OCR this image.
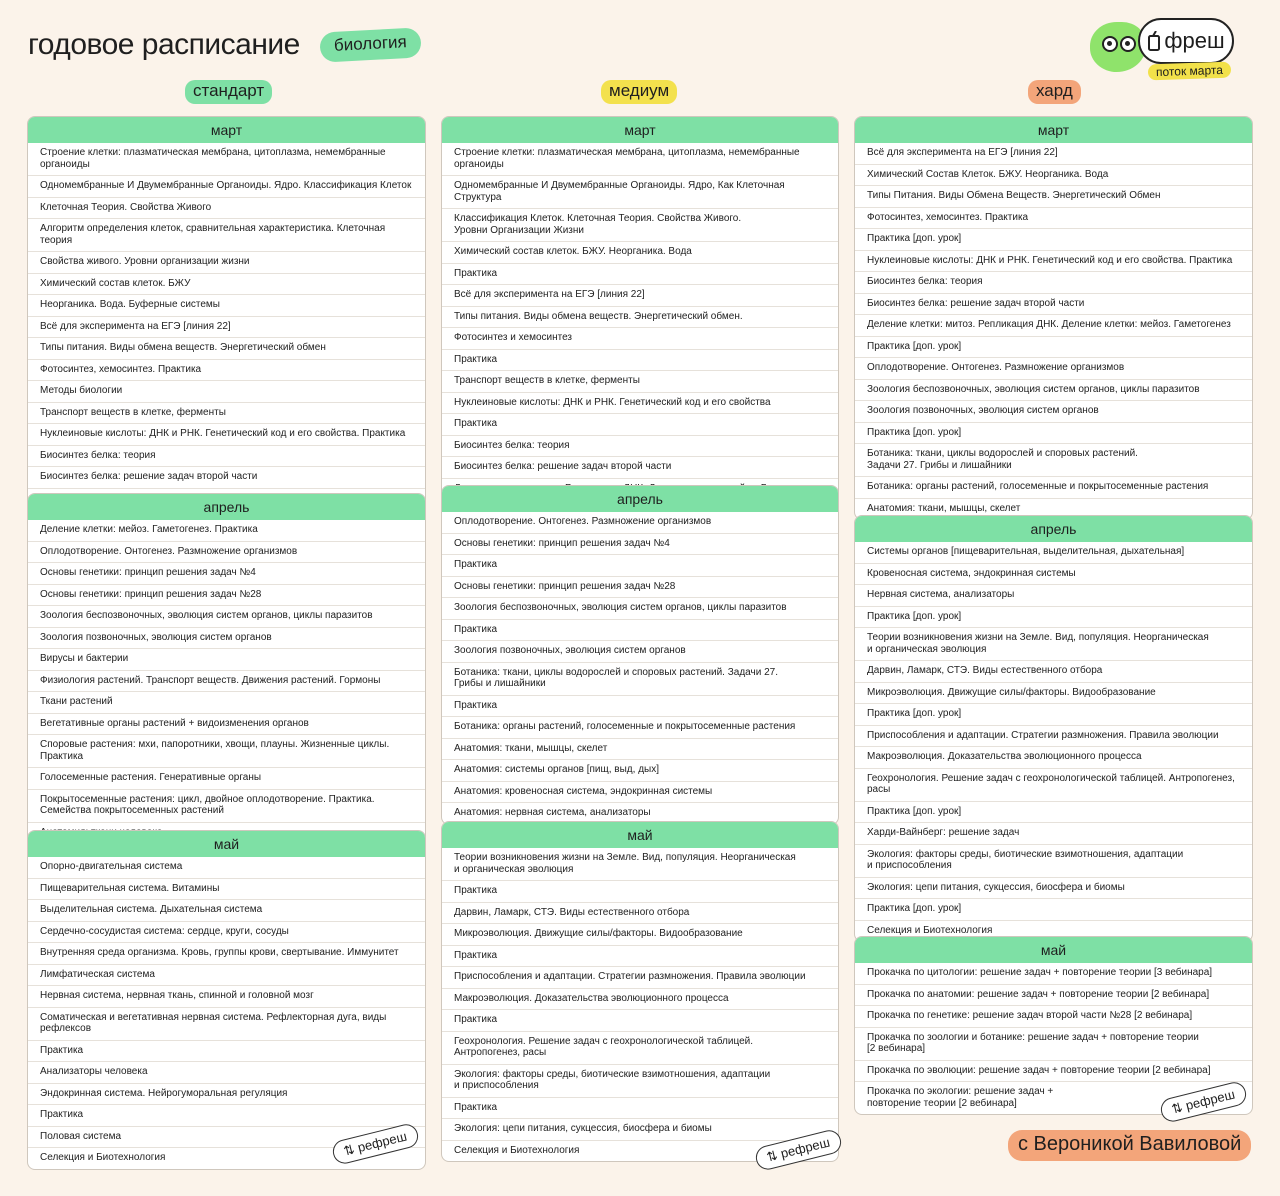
годовое расписание	биология	фреш
поток марта
стандарт	медиум	хард
март
Строение клетки: плазматическая мембрана, цитоплазма, немембранные
органоиды
Одномембранные И Двумембранные Органоиды. Ядро. Классификация Клеток
Клеточная Теория. Свойства Живого
Алгоритм определения клеток, сравнительная характеристика. Клеточная теория
Свойства живого. Уровни организации жизни
Химический состав клеток. БЖУ
Неорганика. Вода. Буферные системы
Всё для эксперимента на ЕГЭ [линия 22]
Типы питания. Виды обмена веществ. Энергетический обмен
Фотосинтез, хемосинтез. Практика
Методы биологии
Транспорт веществ в клетке, ферменты
Нуклеиновые кислоты: ДНК и РНК. Генетический код и его свойства. Практика
Биосинтез белка: теория
Биосинтез белка: решение задач второй части
апрель
Деление клетки: мейоз. Гаметогенез. Практика
Оплодотворение. Онтогенез. Размножение организмов
Основы генетики: принцип решения задач №4
Основы генетики: принцип решения задач №28
Зоология беспозвоночных, эволюция систем органов, циклы паразитов
Зоология позвоночных, эволюция систем органов
Вирусы и бактерии
Физиология растений. Транспорт веществ. Движения растений. Гормоны
Ткани растений
Вегетативные органы растений + видоизменения органов
Споровые растения: мхи, папоротники, хвощи, плауны. Жизненные циклы. Практика
Голосеменные растения. Генеративные органы
Покрытосеменные растения: цикл, двойное оплодотворение. Практика.
Семейства покрытосеменных растений
май
Опорно-двигательная система
Пищеварительная система. Витамины
Выделительная система. Дыхательная система
Сердечно-сосудистая система: сердце, круги, сосуды
Внутренняя среда организма. Кровь, группы крови, свертывание. Иммунитет
Лимфатическая система
Нервная система, нервная ткань, спинной и головной мозг
Соматическая и вегетативная нервная система. Рефлекторная дуга, виды рефлексов
Практика
Анализаторы человека
Эндокринная система. Нейрогуморальная регуляция
Практика
Половая система
Селекция и Биотехнология
март
Строение клетки: плазматическая мембрана, цитоплазма, немембранные
органоиды
Одномембранные И Двумембранные Органоиды. Ядро, Как Клеточная Структура
Классификация Клеток. Клеточная Теория. Свойства Живого.
Уровни Организации Жизни
Химический состав клеток. БЖУ. Неорганика. Вода
Практика
Всё для эксперимента на ЕГЭ [линия 22]
Типы питания. Виды обмена веществ. Энергетический обмен.
Фотосинтез и хемосинтез
Практика
Транспорт веществ в клетке, ферменты
Нуклеиновые кислоты: ДНК и РНК. Генетический код и его свойства
Практика
Биосинтез белка: теория
Биосинтез белка: решение задач второй части
апрель
Оплодотворение. Онтогенез. Размножение организмов
Основы генетики: принцип решения задач №4
Практика
Основы генетики: принцип решения задач №28
Зоология беспозвоночных, эволюция систем органов, циклы паразитов
Практика
Зоология позвоночных, эволюция систем органов
Ботаника: ткани, циклы водорослей и споровых растений. Задачи 27.
Грибы и лишайники
Практика
Ботаника: органы растений, голосеменные и покрытосеменные растения
Анатомия: ткани, мышцы, скелет
Анатомия: системы органов [пищ, выд, дых]
Анатомия: кровеносная система, эндокринная системы
Анатомия: нервная система, анализаторы
май
Теории возникновения жизни на Земле. Вид, популяция. Неорганическая
и органическая эволюция
Практика
Дарвин, Ламарк, СТЭ. Виды естественного отбора
Микроэволюция. Движущие силы/факторы. Видообразование
Практика
Приспособления и адаптации. Стратегии размножения. Правила эволюции
Макроэволюция. Доказательства эволюционного процесса
Практика
Геохронология. Решение задач с геохронологической таблицей.
Антропогенез, расы
Экология: факторы среды, биотические взимотношения, адаптации
и приспособления
Практика
Экология: цепи питания, сукцессия, биосфера и биомы
Селекция и Биотехнология
март
Всё для эксперимента на ЕГЭ [линия 22]
Химический Состав Клеток. БЖУ. Неорганика. Вода
Типы Питания. Виды Обмена Веществ. Энергетический Обмен
Фотосинтез, хемосинтез. Практика
Практика [доп. урок]
Нуклеиновые кислоты: ДНК и РНК. Генетический код и его свойства. Практика
Биосинтез белка: теория
Биосинтез белка: решение задач второй части
Деление клетки: митоз. Репликация ДНК. Деление клетки: мейоз. Гаметогенез
Практика [доп. урок]
Оплодотворение. Онтогенез. Размножение организмов
Зоология беспозвоночных, эволюция систем органов, циклы паразитов
Зоология позвоночных, эволюция систем органов
Практика [доп. урок]
Ботаника: ткани, циклы водорослей и споровых растений.
Задачи 27. Грибы и лишайники
Ботаника: органы растений, голосеменные и покрытосеменные растения
Анатомия: ткани, мышцы, скелет
апрель
Системы органов [пищеварительная, выделительная, дыхательная]
Кровеносная система, эндокринная системы
Нервная система, анализаторы
Практика [доп. урок]
Теории возникновения жизни на Земле. Вид, популяция. Неорганическая
и органическая эволюция
Дарвин, Ламарк, СТЭ. Виды естественного отбора
Микроэволюция. Движущие силы/факторы. Видообразование
Практика [доп. урок]
Приспособления и адаптации. Стратегии размножения. Правила эволюции
Макроэволюция. Доказательства эволюционного процесса
Геохронология. Решение задач с геохронологической таблицей. Антропогенез,
расы
Практика [доп. урок]
Харди-Вайнберг: решение задач
Экология: факторы среды, биотические взимотношения, адаптации
и приспособления
Экология: цепи питания, сукцессия, биосфера и биомы
Практика [доп. урок]
Селекция и Биотехнология
май
Прокачка по цитологии: решение задач + повторение теории [3 вебинара]
Прокачка по анатомии: решение задач + повторение теории [2 вебинара]
Прокачка по генетике: решение задач второй части №28 [2 вебинара]
Прокачка по зоологии и ботанике: решение задач + повторение теории
[2 вебинара]
Прокачка по эволюции: решение задач + повторение теории [2 вебинара]
Прокачка по экологии: решение задач +
повторение теории [2 вебинара]
⇅ рефреш
⇅ рефреш
⇅ рефреш
с Вероникой Вавиловой
